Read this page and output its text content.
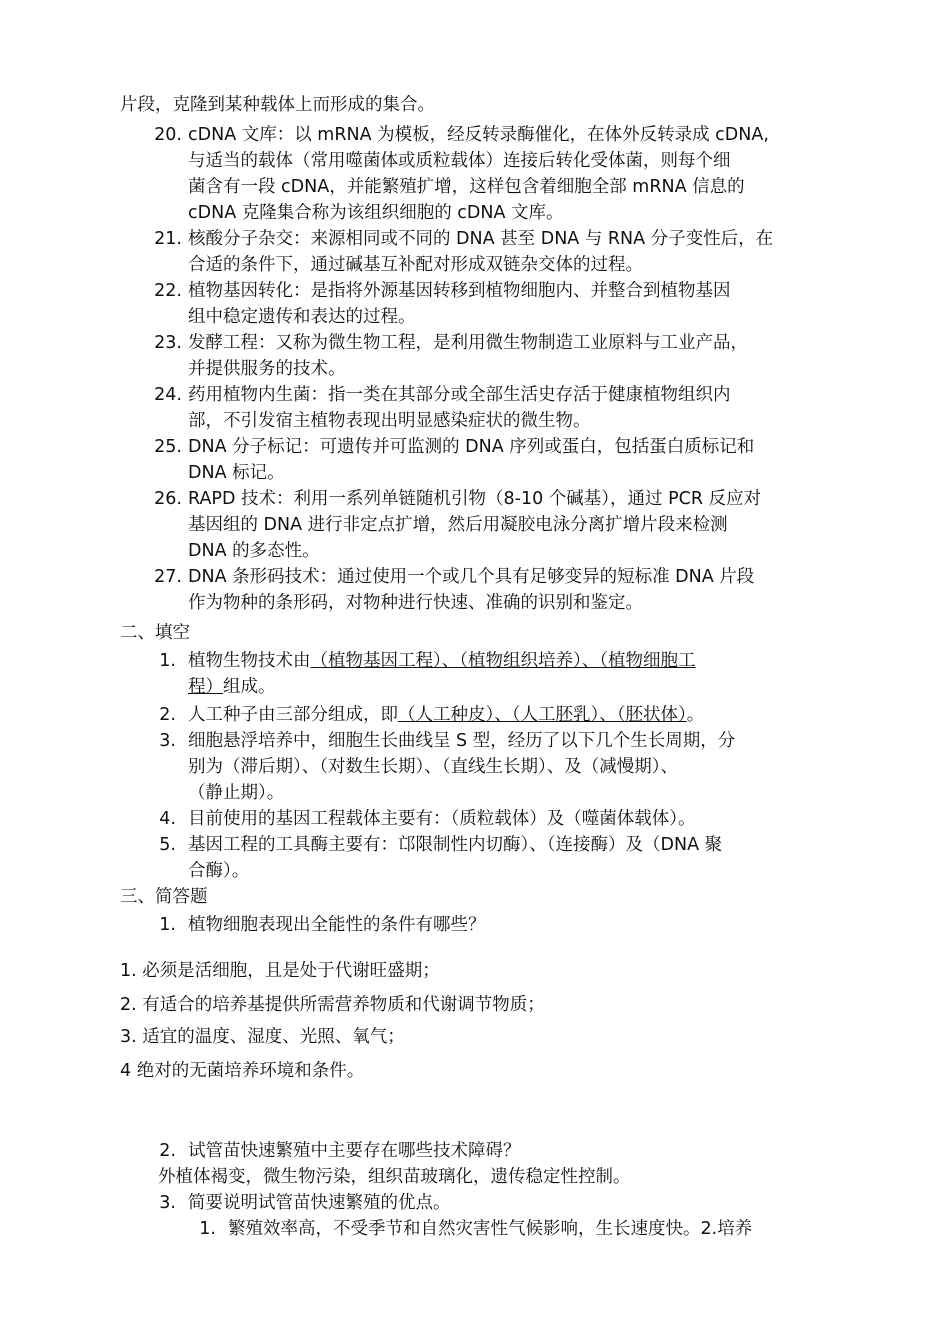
片段，克隆到某种载体上而形成的集合。
20. cDNA 文库：以 mRNA 为模板，经反转录酶催化，在体外反转录成 cDNA,
与适当的载体（常用噬菌体或质粒载体）连接后转化受体菌，则每个细
菌含有一段 cDNA，并能繁殖扩增，这样包含着细胞全部 mRNA 信息的
cDNA 克隆集合称为该组织细胞的 cDNA 文库。
21. 核酸分子杂交：来源相同或不同的 DNA 甚至 DNA 与 RNA 分子变性后，在
合适的条件下，通过碱基互补配对形成双链杂交体的过程。
22. 植物基因转化：是指将外源基因转移到植物细胞内、并整合到植物基因
组中稳定遗传和表达的过程。
23. 发酵工程：又称为微生物工程，是利用微生物制造工业原料与工业产品，
并提供服务的技术。
24. 药用植物内生菌：指一类在其部分或全部生活史存活于健康植物组织内
部，不引发宿主植物表现出明显感染症状的微生物。
25. DNA 分子标记：可遗传并可监测的 DNA 序列或蛋白，包括蛋白质标记和
DNA 标记。
26. RAPD 技术：利用一系列单链随机引物（8-10 个碱基），通过 PCR 反应对
基因组的 DNA 进行非定点扩增，然后用凝胶电泳分离扩增片段来检测
DNA 的多态性。
27. DNA 条形码技术：通过使用一个或几个具有足够变异的短标准 DNA 片段
作为物种的条形码，对物种进行快速、准确的识别和鉴定。
二、填空
1. 植物生物技术由（植物基因工程）、（植物组织培养）、（植物细胞工
程）组成。
2. 人工种子由三部分组成，即（人工种皮）、（人工胚乳）、（胚状体）。
3. 细胞悬浮培养中，细胞生长曲线呈 S 型，经历了以下几个生长周期，分
别为（滞后期）、（对数生长期）、（直线生长期）、及（减慢期）、
（静止期）。
4. 目前使用的基因工程载体主要有：（质粒载体）及（噬菌体载体）。
5. 基因工程的工具酶主要有：邙限制性内切酶）、（连接酶）及（DNA 聚
合酶）。
三、简答题
1. 植物细胞表现出全能性的条件有哪些？
1. 必须是活细胞，且是处于代谢旺盛期；
2. 有适合的培养基提供所需营养物质和代谢调节物质；
3. 适宜的温度、湿度、光照、氧气；
4 绝对的无菌培养环境和条件。
2. 试管苗快速繁殖中主要存在哪些技术障碍？
外植体褐变，微生物污染，组织苗玻璃化，遗传稳定性控制。
3. 简要说明试管苗快速繁殖的优点。
1. 繁殖效率高，不受季节和自然灾害性气候影响，生长速度快。2.培养
